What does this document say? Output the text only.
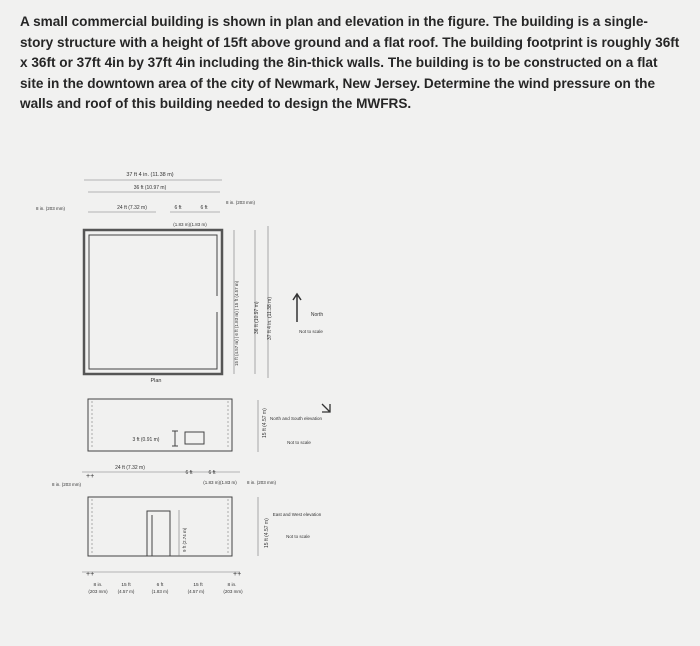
A small commercial building is shown in plan and elevation in the figure. The building is a single-story structure with a height of 15ft above ground and a flat roof. The building footprint is roughly 36ft x 36ft or 37ft 4in by 37ft 4in including the 8in-thick walls. The building is to be constructed on a flat site in the downtown area of the city of Newmark, New Jersey. Determine the wind pressure on the walls and roof of this building needed to design the MWFRS.

37 ft 4 in. (11.38 m)
36 ft (10.97 m)
24 ft (7.32 m)	6 ft	6 ft
(1.83 m)(1.83 m)
8 in. (203 mm)
8 in. (203 mm)
15 ft (4.57 m) | 6 ft (1.83 m) | 15 ft (4.57 m)	36 ft (10.97 m) 37 ft 4 in. (11.38 m)	North
Not to scale
Plan
3 ft (0.91 m)
15 ft (4.57 m) North and South elevation
Not to scale
++
24 ft (7.32 m)
6 ft	6 ft
(1.83 m)(1.83 m)
8 in. (203 mm)	8 in. (203 mm)
9 ft (2.74 m)	15 ft (4.57 m)
++	++
8 in.
(203 mm)
15 ft
(4.57 m)
6 ft
(1.83 m)
15 ft
(4.57 m)
8 in.
(203 mm)
East and West elevation
Not to scale
